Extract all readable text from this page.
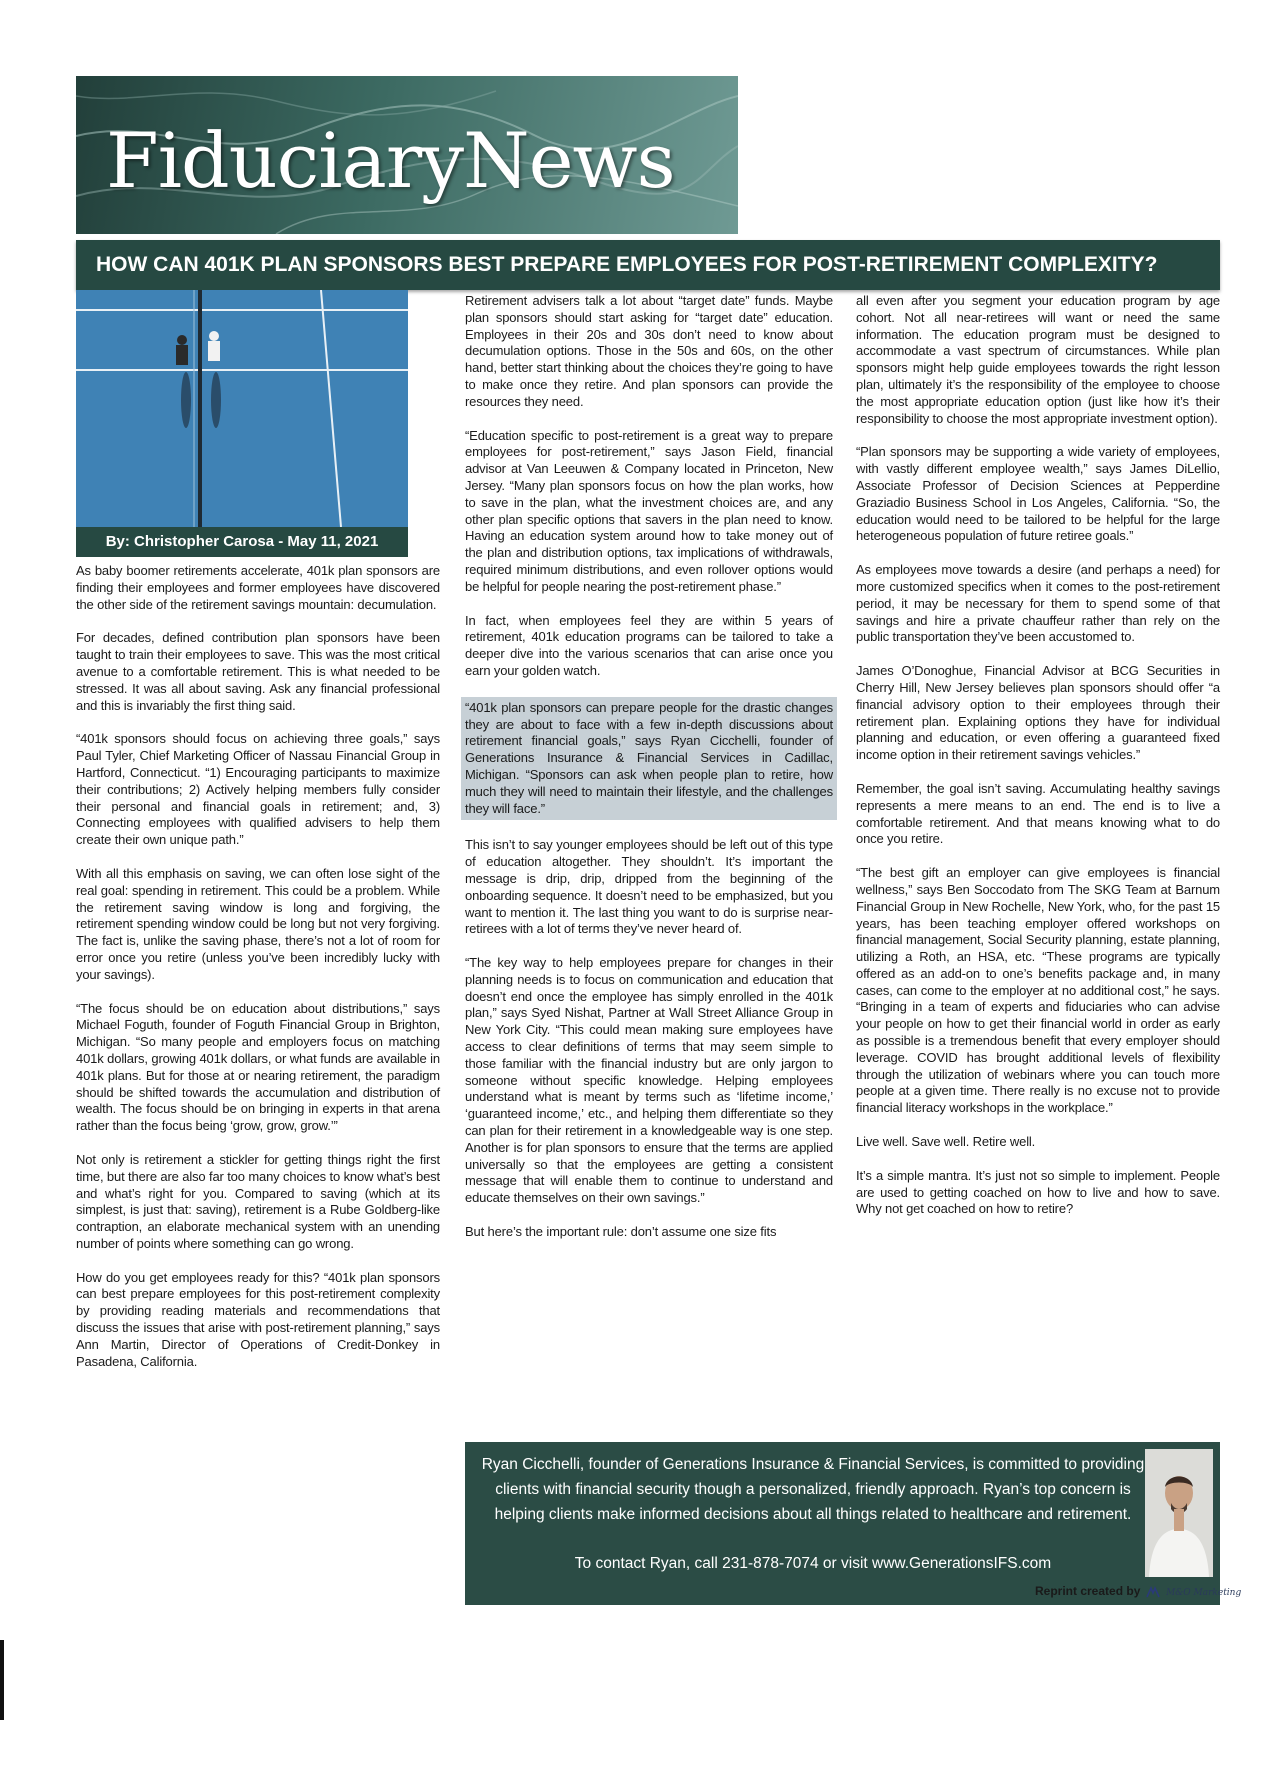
FiduciaryNews
HOW CAN 401K PLAN SPONSORS BEST PREPARE EMPLOYEES FOR POST-RETIREMENT COMPLEXITY?
By: Christopher Carosa - May 11, 2021

As baby boomer retirements accelerate, 401k plan sponsors are finding their employees and former employees have discovered the other side of the retirement savings mountain: decumulation.

For decades, defined contribution plan sponsors have been taught to train their employees to save. This was the most critical avenue to a comfortable retirement. This is what needed to be stressed. It was all about saving. Ask any financial professional and this is invariably the first thing said.

“401k sponsors should focus on achieving three goals,” says Paul Tyler, Chief Marketing Officer of Nassau Financial Group in Hartford, Connecticut. “1) Encouraging participants to maximize their contributions; 2) Actively helping members fully consider their personal and financial goals in retirement; and, 3) Connecting employees with qualified advisers to help them create their own unique path.”

With all this emphasis on saving, we can often lose sight of the real goal: spending in retirement. This could be a problem. While the retirement saving window is long and forgiving, the retirement spending window could be long but not very forgiving. The fact is, unlike the saving phase, there’s not a lot of room for error once you retire (unless you’ve been incredibly lucky with your savings).

“The focus should be on education about distributions,” says Michael Foguth, founder of Foguth Financial Group in Brighton, Michigan. “So many people and employers focus on matching 401k dollars, growing 401k dollars, or what funds are available in 401k plans. But for those at or nearing retirement, the paradigm should be shifted towards the accumulation and distribution of wealth. The focus should be on bringing in experts in that arena rather than the focus being ‘grow, grow, grow.’”

Not only is retirement a stickler for getting things right the first time, but there are also far too many choices to know what’s best and what’s right for you. Compared to saving (which at its simplest, is just that: saving), retirement is a Rube Goldberg-like contraption, an elaborate mechanical system with an unending number of points where something can go wrong.

How do you get employees ready for this? “401k plan sponsors can best prepare employees for this post-retirement complexity by providing reading materials and recommendations that discuss the issues that arise with post-retirement planning,” says Ann Martin, Director of Operations of Credit-Donkey in Pasadena, California.

Retirement advisers talk a lot about “target date” funds. Maybe plan sponsors should start asking for “target date” education. Employees in their 20s and 30s don’t need to know about decumulation options. Those in the 50s and 60s, on the other hand, better start thinking about the choices they’re going to have to make once they retire. And plan sponsors can provide the resources they need.

“Education specific to post-retirement is a great way to prepare employees for post-retirement,” says Jason Field, financial advisor at Van Leeuwen & Company located in Princeton, New Jersey. “Many plan sponsors focus on how the plan works, how to save in the plan, what the investment choices are, and any other plan specific options that savers in the plan need to know. Having an education system around how to take money out of the plan and distribution options, tax implications of withdrawals, required minimum distributions, and even rollover options would be helpful for people nearing the post-retirement phase.”

In fact, when employees feel they are within 5 years of retirement, 401k education programs can be tailored to take a deeper dive into the various scenarios that can arise once you earn your golden watch.

“401k plan sponsors can prepare people for the drastic changes they are about to face with a few in-depth discussions about retirement financial goals,” says Ryan Cicchelli, founder of Generations Insurance & Financial Services in Cadillac, Michigan. “Sponsors can ask when people plan to retire, how much they will need to maintain their lifestyle, and the challenges they will face.”

This isn’t to say younger employees should be left out of this type of education altogether. They shouldn’t. It’s important the message is drip, drip, dripped from the beginning of the onboarding sequence. It doesn’t need to be emphasized, but you want to mention it. The last thing you want to do is surprise near-retirees with a lot of terms they’ve never heard of.

“The key way to help employees prepare for changes in their planning needs is to focus on communication and education that doesn’t end once the employee has simply enrolled in the 401k plan,” says Syed Nishat, Partner at Wall Street Alliance Group in New York City. “This could mean making sure employees have access to clear definitions of terms that may seem simple to those familiar with the financial industry but are only jargon to someone without specific knowledge. Helping employees understand what is meant by terms such as ‘lifetime income,’ ‘guaranteed income,’ etc., and helping them differentiate so they can plan for their retirement in a knowledgeable way is one step. Another is for plan sponsors to ensure that the terms are applied universally so that the employees are getting a consistent message that will enable them to continue to understand and educate themselves on their own savings.”

But here’s the important rule: don’t assume one size fits

all even after you segment your education program by age cohort. Not all near-retirees will want or need the same information. The education program must be designed to accommodate a vast spectrum of circumstances. While plan sponsors might help guide employees towards the right lesson plan, ultimately it’s the responsibility of the employee to choose the most appropriate education option (just like how it’s their responsibility to choose the most appropriate investment option).

“Plan sponsors may be supporting a wide variety of employees, with vastly different employee wealth,” says James DiLellio, Associate Professor of Decision Sciences at Pepperdine Graziadio Business School in Los Angeles, California. “So, the education would need to be tailored to be helpful for the large heterogeneous population of future retiree goals.”

As employees move towards a desire (and perhaps a need) for more customized specifics when it comes to the post-retirement period, it may be necessary for them to spend some of that savings and hire a private chauffeur rather than rely on the public transportation they’ve been accustomed to.

James O’Donoghue, Financial Advisor at BCG Securities in Cherry Hill, New Jersey believes plan sponsors should offer “a financial advisory option to their employees through their retirement plan. Explaining options they have for individual planning and education, or even offering a guaranteed fixed income option in their retirement savings vehicles.”

Remember, the goal isn’t saving. Accumulating healthy savings represents a mere means to an end. The end is to live a comfortable retirement. And that means knowing what to do once you retire.

“The best gift an employer can give employees is financial wellness,” says Ben Soccodato from The SKG Team at Barnum Financial Group in New Rochelle, New York, who, for the past 15 years, has been teaching employer offered workshops on financial management, Social Security planning, estate planning, utilizing a Roth, an HSA, etc. “These programs are typically offered as an add-on to one’s benefits package and, in many cases, can come to the employer at no additional cost,” he says. “Bringing in a team of experts and fiduciaries who can advise your people on how to get their financial world in order as early as possible is a tremendous benefit that every employer should leverage. COVID has brought additional levels of flexibility through the utilization of webinars where you can touch more people at a given time. There really is no excuse not to provide financial literacy workshops in the workplace.”

Live well. Save well. Retire well.

It’s a simple mantra. It’s just not so simple to implement. People are used to getting coached on how to live and how to save. Why not get coached on how to retire?

Ryan Cicchelli, founder of Generations Insurance & Financial Services, is committed to providing clients with financial security though a personalized, friendly approach. Ryan’s top concern is helping clients make informed decisions about all things related to healthcare and retirement.

To contact Ryan, call 231-878-7074 or visit www.GenerationsIFS.com

Reprint created by	M&O Marketing
